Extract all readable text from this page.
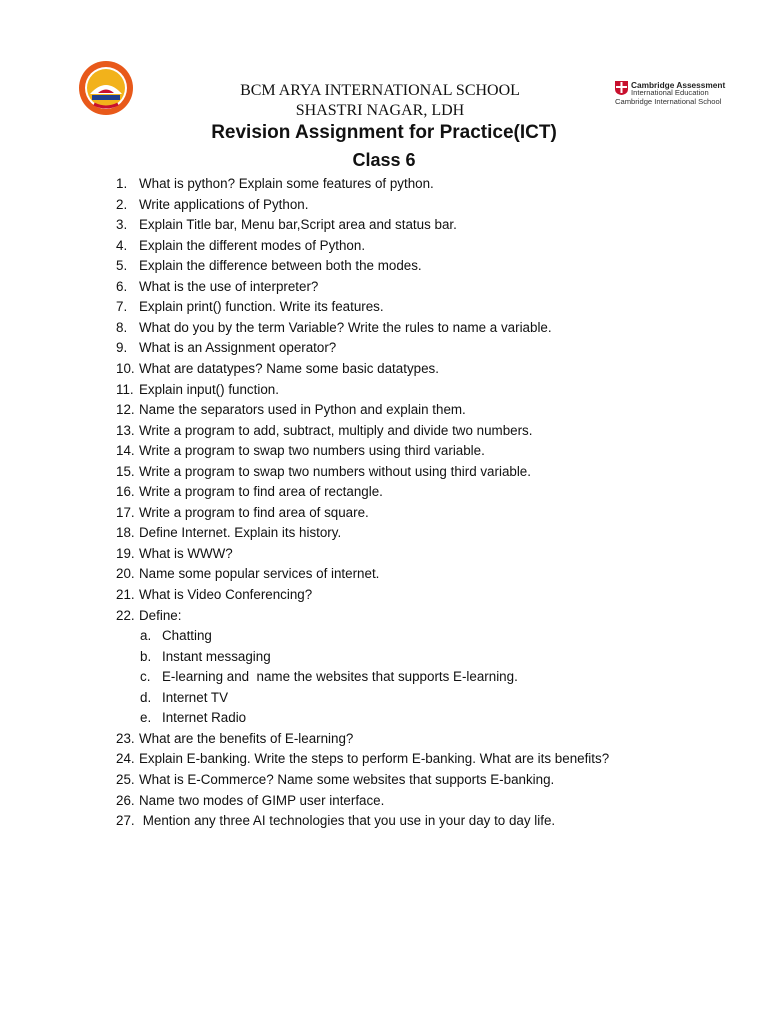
Cambridge Assessment
International Education
Cambridge International School
BCM ARYA INTERNATIONAL SCHOOL
SHASTRI NAGAR, LDH
Revision Assignment for Practice(ICT)
Class 6
1. What is python? Explain some features of python.
2. Write applications of Python.
3. Explain Title bar, Menu bar,Script area and status bar.
4. Explain the different modes of Python.
5. Explain the difference between both the modes.
6. What is the use of interpreter?
7. Explain print() function. Write its features.
8. What do you by the term Variable? Write the rules to name a variable.
9. What is an Assignment operator?
10. What are datatypes? Name some basic datatypes.
11. Explain input() function.
12. Name the separators used in Python and explain them.
13. Write a program to add, subtract, multiply and divide two numbers.
14. Write a program to swap two numbers using third variable.
15. Write a program to swap two numbers without using third variable.
16. Write a program to find area of rectangle.
17. Write a program to find area of square.
18. Define Internet. Explain its history.
19. What is WWW?
20. Name some popular services of internet.
21. What is Video Conferencing?
22. Define:
a. Chatting
b. Instant messaging
c. E-learning and  name the websites that supports E-learning.
d. Internet TV
e. Internet Radio
23. What are the benefits of E-learning?
24. Explain E-banking. Write the steps to perform E-banking. What are its benefits?
25. What is E-Commerce? Name some websites that supports E-banking.
26. Name two modes of GIMP user interface.
27. Mention any three AI technologies that you use in your day to day life.
